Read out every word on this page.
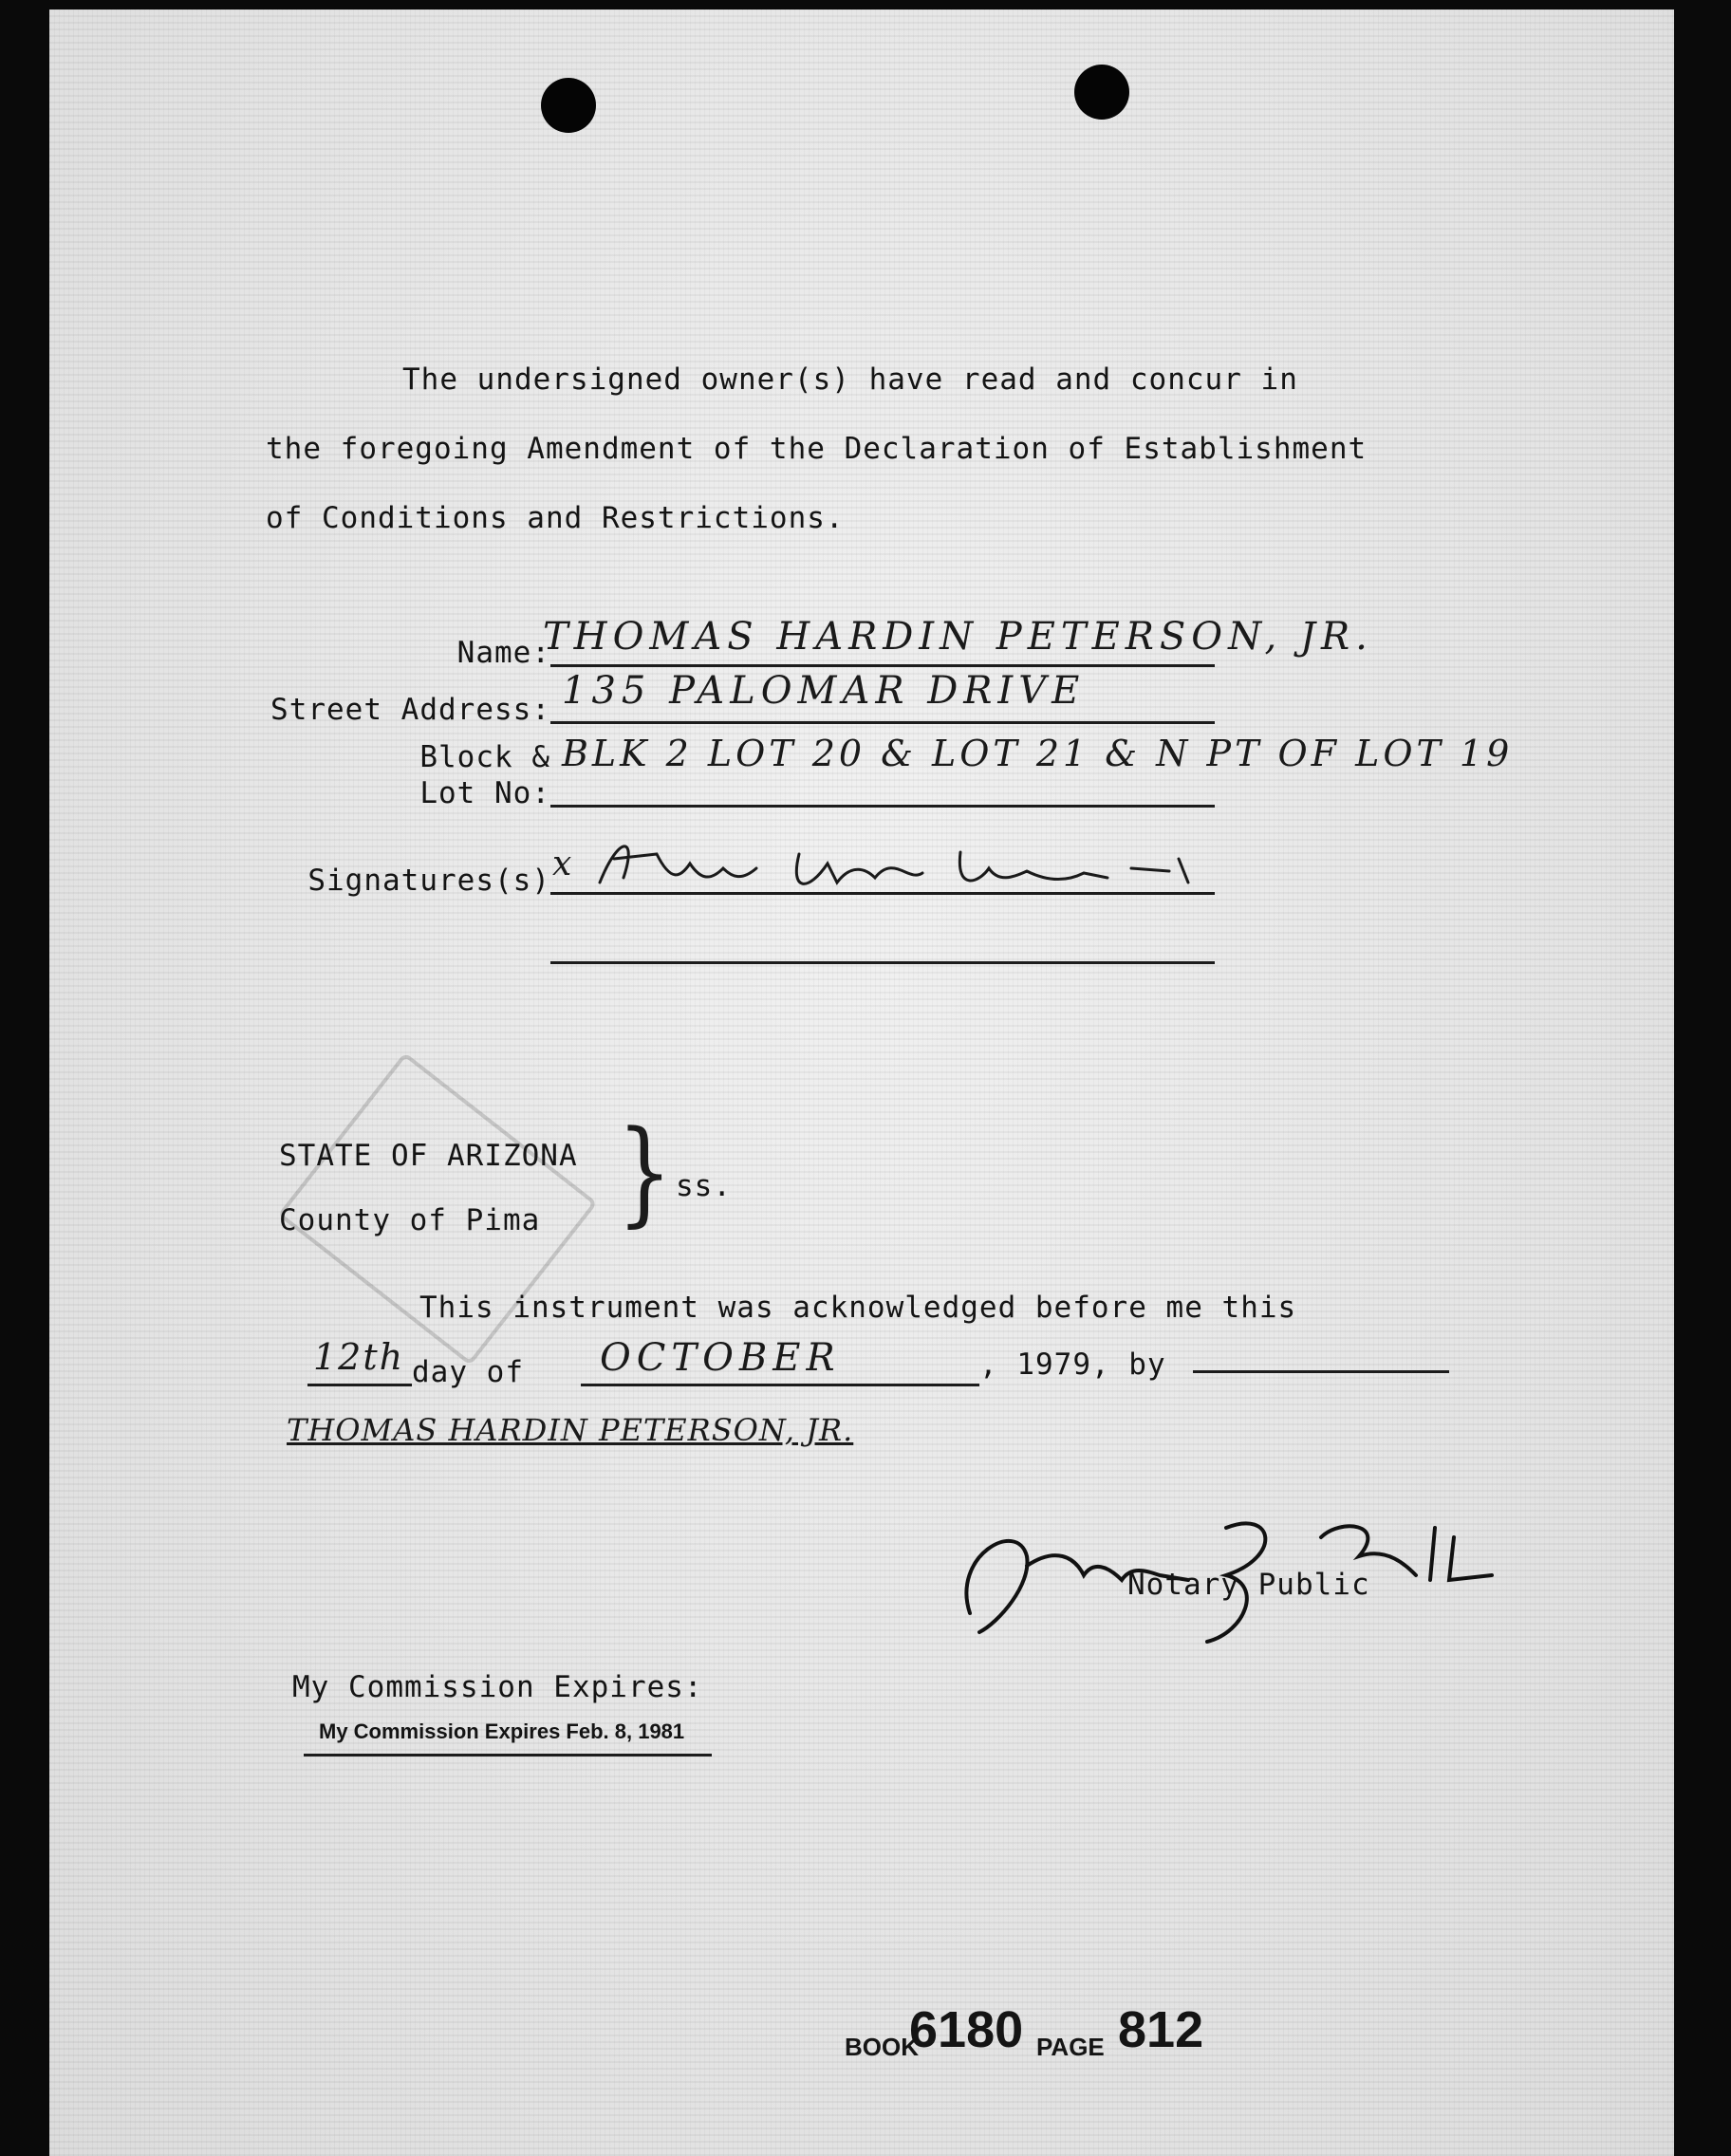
The undersigned owner(s) have read and concur in
the foregoing Amendment of the Declaration of Establishment
of Conditions and Restrictions.
Name:
THOMAS HARDIN PETERSON, JR.
Street Address: 135 PALOMAR DRIVE
Block &
Lot No:
BLK 2 LOT 20 & LOT 21 & N PT OF LOT 19
Signatures(s) x
STATE OF ARIZONA
County of Pima } ss.
This instrument was acknowledged before me this
12th day of OCTOBER	, 1979, by
THOMAS HARDIN PETERSON, JR.
Notary Public
My Commission Expires:
My Commission Expires Feb. 8, 1981
BOOK
6180 PAGE 812
